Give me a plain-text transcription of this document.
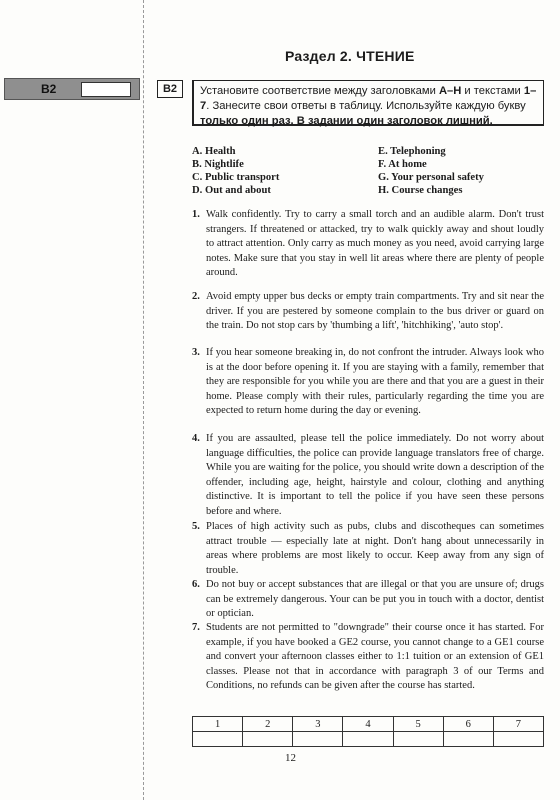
B2
Раздел 2. ЧТЕНИЕ
B2	Установите соответствие между заголовками A–H и текстами 1–7. Занесите свои ответы в таблицу. Используйте каждую букву только один раз. В задании один заголовок лишний.
A. Health
B. Nightlife
C. Public transport
D. Out and about
E. Telephoning
F. At home
G. Your personal safety
H. Course changes
1. Walk confidently. Try to carry a small torch and an audible alarm. Don't trust strangers. If threatened or attacked, try to walk quickly away and shout loudly to attract attention. Only carry as much money as you need, avoid carrying large notes. Make sure that you stay in well lit areas where there are plenty of people around.
2. Avoid empty upper bus decks or empty train compartments. Try and sit near the driver. If you are pestered by someone complain to the bus driver or guard on the train. Do not stop cars by 'thumbing a lift', 'hitchhiking', 'auto stop'.
3. If you hear someone breaking in, do not confront the intruder. Always look who is at the door before opening it. If you are staying with a family, remember that they are responsible for you while you are there and that you are a guest in their home. Please comply with their rules, particularly regarding the time you are expected to return home during the day or evening.
4. If you are assaulted, please tell the police immediately. Do not worry about language difficulties, the police can provide language translators free of charge. While you are waiting for the police, you should write down a description of the offender, including age, height, hairstyle and colour, clothing and anything distinctive. It is important to tell the police if you have seen these persons before and where.
5. Places of high activity such as pubs, clubs and discotheques can sometimes attract trouble — especially late at night. Don't hang about unnecessarily in areas where problems are most likely to occur. Keep away from any sign of trouble.
6. Do not buy or accept substances that are illegal or that you are unsure of; drugs can be extremely dangerous. Your can be put you in touch with a doctor, dentist or optician.
7. Students are not permitted to "downgrade" their course once it has started. For example, if you have booked a GE2 course, you cannot change to a GE1 course and convert your afternoon classes either to 1:1 tuition or an extension of GE1 classes. Please not that in accordance with paragraph 3 of our Terms and Conditions, no refunds can be given after the course has started.
1	2	3	4	5	6	7

12
